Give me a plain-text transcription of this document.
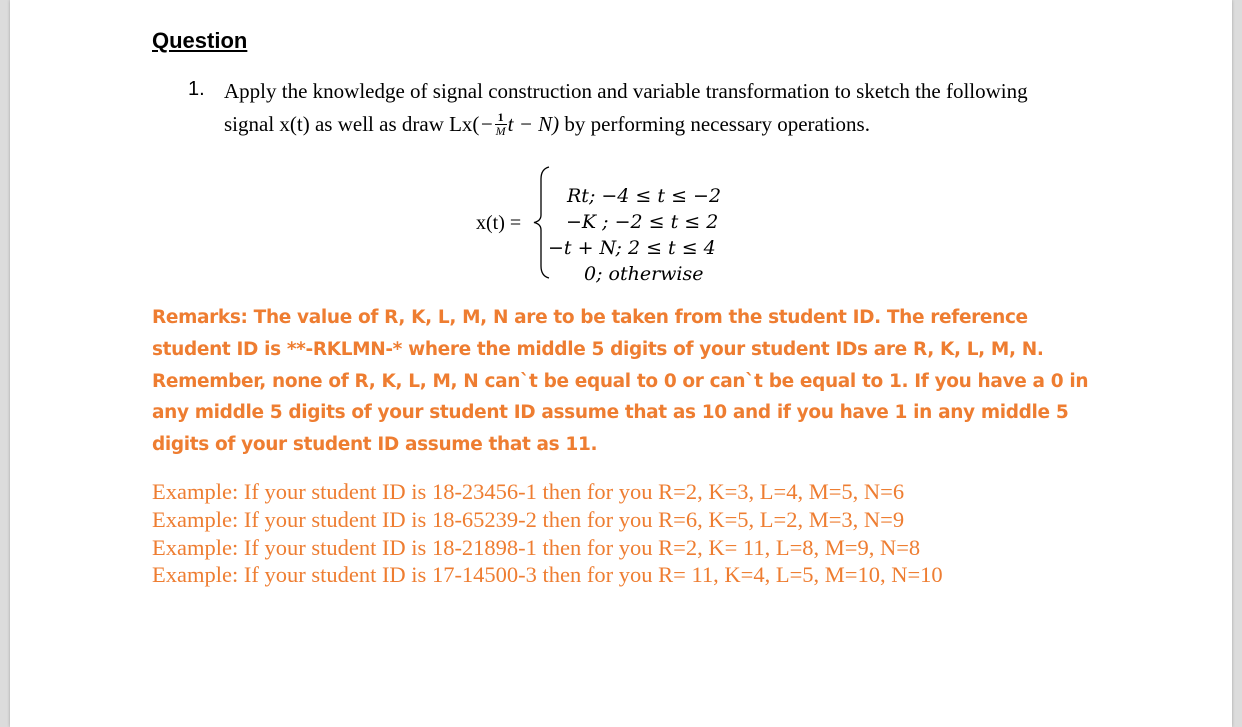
Question
1. Apply the knowledge of signal construction and variable transformation to sketch the following
signal x(t) as well as draw $Lx(- \frac{1}{M}$ t − N) by performing necessary operations.
x(t) =
Rt; −4 ≤ t ≤ −2
−K ; −2 ≤ t ≤ 2
−t + N; 2 ≤ t ≤ 4
0; otherwise
Remarks: The value of R, K, L, M, N are to be taken from the student ID. The reference
student ID is **-RKLMN-* where the middle 5 digits of your student IDs are R, K, L, M, N.
Remember, none of R, K, L, M, N can`t be equal to 0 or can`t be equal to 1. If you have a 0 in
any middle 5 digits of your student ID assume that as 10 and if you have 1 in any middle 5
digits of your student ID assume that as 11.
Example: If your student ID is 18-23456-1 then for you R=2, K=3, L=4, M=5, N=6
Example: If your student ID is 18-65239-2 then for you R=6, K=5, L=2, M=3, N=9
Example: If your student ID is 18-21898-1 then for you R=2, K= 11, L=8, M=9, N=8
Example: If your student ID is 17-14500-3 then for you R= 11, K=4, L=5, M=10, N=10
